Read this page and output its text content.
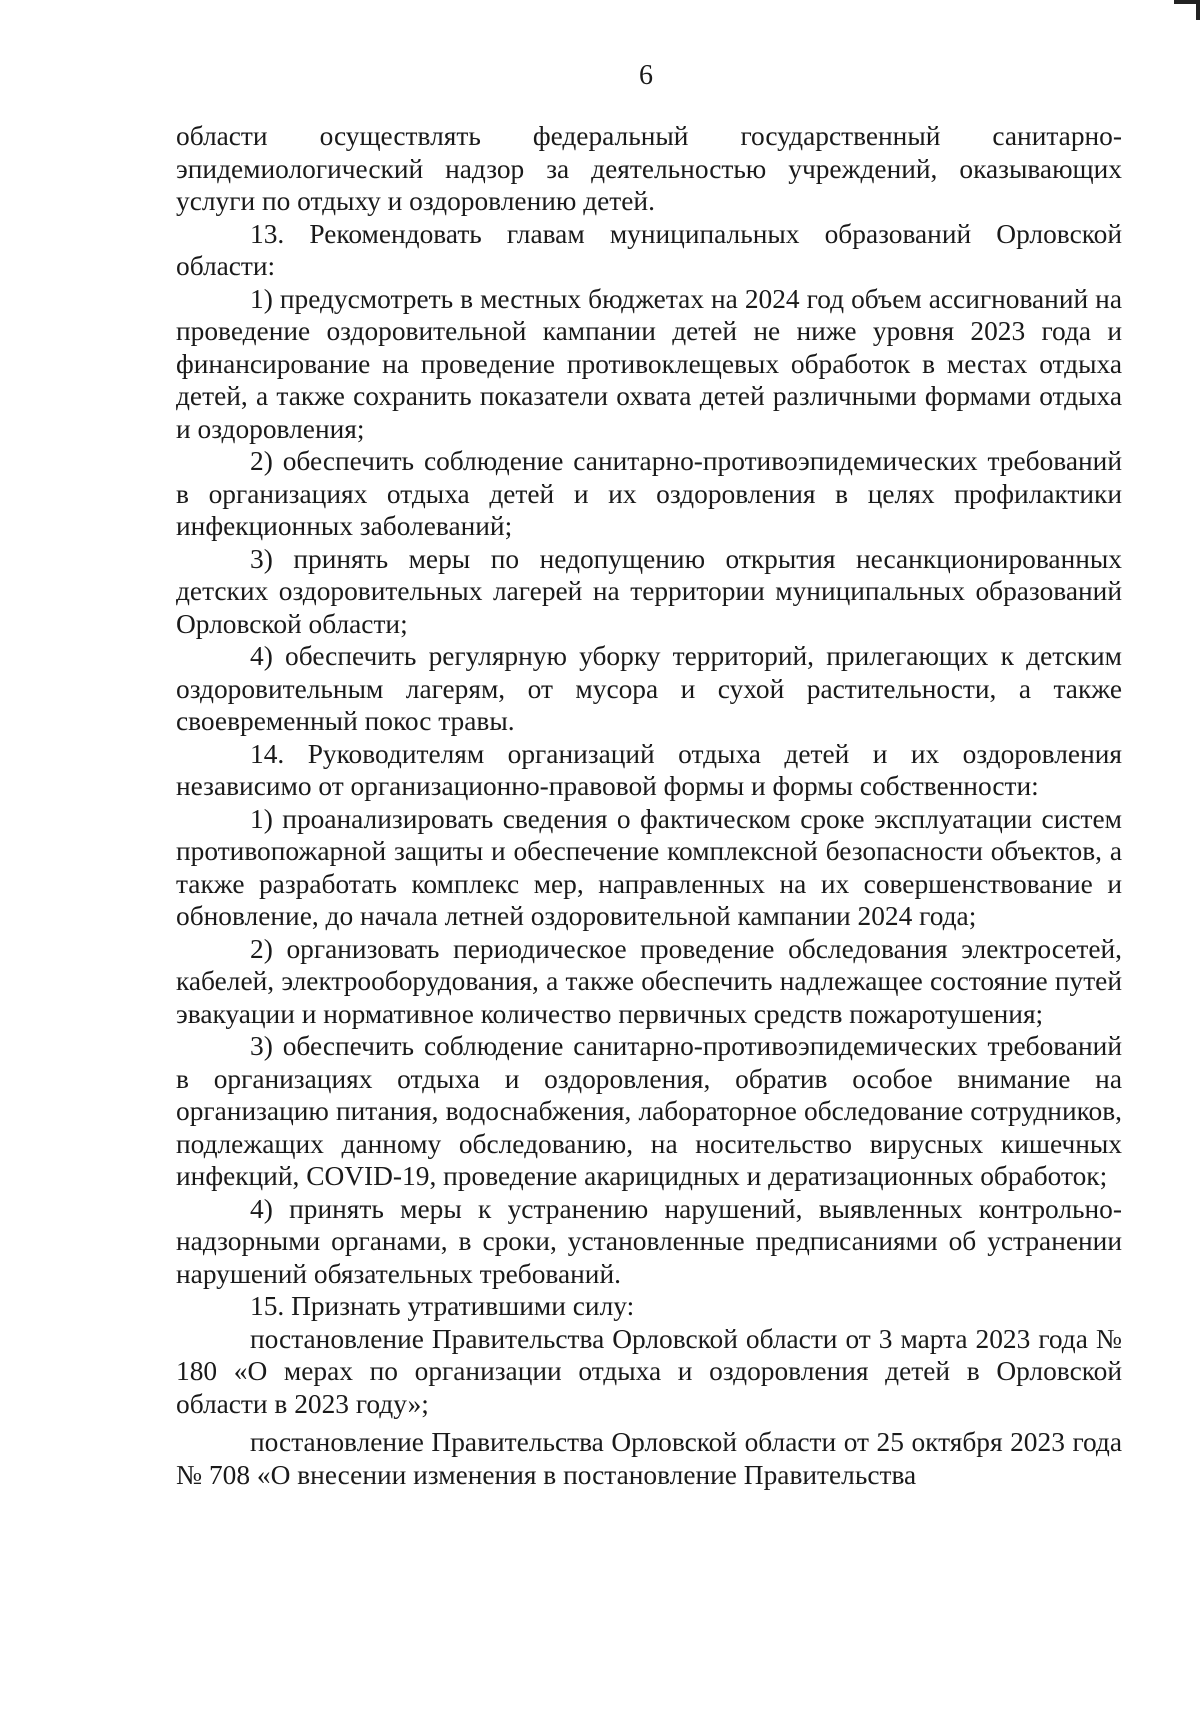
6

области осуществлять федеральный государственный санитарно-эпидемиологический надзор за деятельностью учреждений, оказывающих услуги по отдыху и оздоровлению детей.

13. Рекомендовать главам муниципальных образований Орловской области:

1) предусмотреть в местных бюджетах на 2024 год объем ассигнований на проведение оздоровительной кампании детей не ниже уровня 2023 года и финансирование на проведение противоклещевых обработок в местах отдыха детей, а также сохранить показатели охвата детей различными формами отдыха и оздоровления;

2) обеспечить соблюдение санитарно-противоэпидемических требований в организациях отдыха детей и их оздоровления в целях профилактики инфекционных заболеваний;

3) принять меры по недопущению открытия несанкционированных детских оздоровительных лагерей на территории муниципальных образований Орловской области;

4) обеспечить регулярную уборку территорий, прилегающих к детским оздоровительным лагерям, от мусора и сухой растительности, а также своевременный покос травы.

14. Руководителям организаций отдыха детей и их оздоровления независимо от организационно-правовой формы и формы собственности:

1) проанализировать сведения о фактическом сроке эксплуатации систем противопожарной защиты и обеспечение комплексной безопасности объектов, а также разработать комплекс мер, направленных на их совершенствование и обновление, до начала летней оздоровительной кампании 2024 года;

2) организовать периодическое проведение обследования электросетей, кабелей, электрооборудования, а также обеспечить надлежащее состояние путей эвакуации и нормативное количество первичных средств пожаротушения;

3) обеспечить соблюдение санитарно-противоэпидемических требований в организациях отдыха и оздоровления, обратив особое внимание на организацию питания, водоснабжения, лабораторное обследование сотрудников, подлежащих данному обследованию, на носительство вирусных кишечных инфекций, COVID-19, проведение акарицидных и дератизационных обработок;

4) принять меры к устранению нарушений, выявленных контрольно-надзорными органами, в сроки, установленные предписаниями об устранении нарушений обязательных требований.

15. Признать утратившими силу:

постановление Правительства Орловской области от 3 марта 2023 года № 180 «О мерах по организации отдыха и оздоровления детей в Орловской области в 2023 году»;

постановление Правительства Орловской области от 25 октября 2023 года № 708 «О внесении изменения в постановление Правительства
